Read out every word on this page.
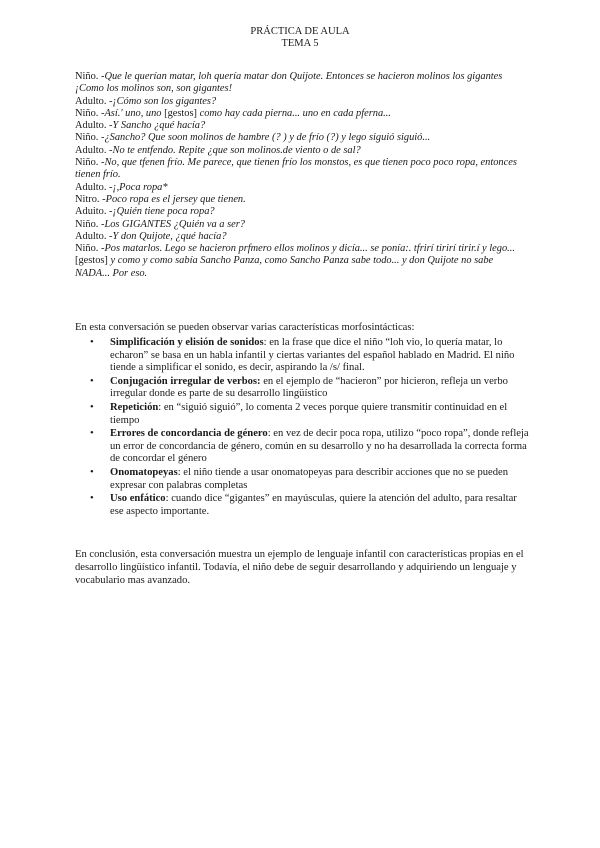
PRÁCTICA DE AULA
TEMA 5

Niño. -Que le querían matar, loh quería matar don Quijote. Entonces se hacieron molinos los gigantes ¡Como los molinos son, son gigantes!

Adulto. -¡Cómo son los gigantes?

Niño. -Así.' uno, uno [gestos] como hay cada pierna... uno en cada pferna...

Adulto. -Y Sancho ¿qué hacía?

Niño. -¿Sancho? Que soon molinos de hambre (? ) y de frío (?) y lego siguió siguió...

Adulto. -No te entfendo. Repite ¿que son molinos.de viento o de sal?

Niño. -No, que tfenen frío. Me parece, que tienen frío los monstos, es que tienen poco poco ropa, entonces tienen frío.

Adulto. -¡,Poca ropa*

Nitro. -Poco ropa es el jersey que tienen.

Aduito. -¡Quién tiene poca ropa?

Niño. -Los GIGANTES ¿Quién va a ser?

Adulto. -Y don Quijote, ¿qué hacía?

Niño. -Pos matarlos. Lego se hacieron prfmero ellos molinos y dicía... se ponía:. tfrirí tirirí tirir.í y lego... [gestos] y como y como sabía Sancho Panza, como Sancho Panza sabe todo... y don Quijote no sabe NADA... Por eso.

En esta conversación se pueden observar varias características morfosintácticas:

• Simplificación y elisión de sonidos: en la frase que dice el niño “loh vio, lo quería matar, lo echaron” se basa en un habla infantil y ciertas variantes del español hablado en Madrid. El niño tiende a simplificar el sonido, es decir, aspirando la /s/ final.
• Conjugación irregular de verbos: en el ejemplo de “hacieron” por hicieron, refleja un verbo irregular donde es parte de su desarrollo lingüístico
• Repetición: en “siguió siguió”, lo comenta 2 veces porque quiere transmitir continuidad en el tiempo
• Errores de concordancia de género: en vez de decir poca ropa, utilizo “poco ropa”, donde refleja un error de concordancia de género, común en su desarrollo y no ha desarrollada la correcta forma de concordar el género
• Onomatopeyas: el niño tiende a usar onomatopeyas para describir acciones que no se pueden expresar con palabras completas
• Uso enfático: cuando dice “gigantes” en mayúsculas, quiere la atención del adulto, para resaltar ese aspecto importante.

En conclusión, esta conversación muestra un ejemplo de lenguaje infantil con características propias en el desarrollo lingüístico infantil. Todavía, el niño debe de seguir desarrollando y adquiriendo un lenguaje y vocabulario mas avanzado.
